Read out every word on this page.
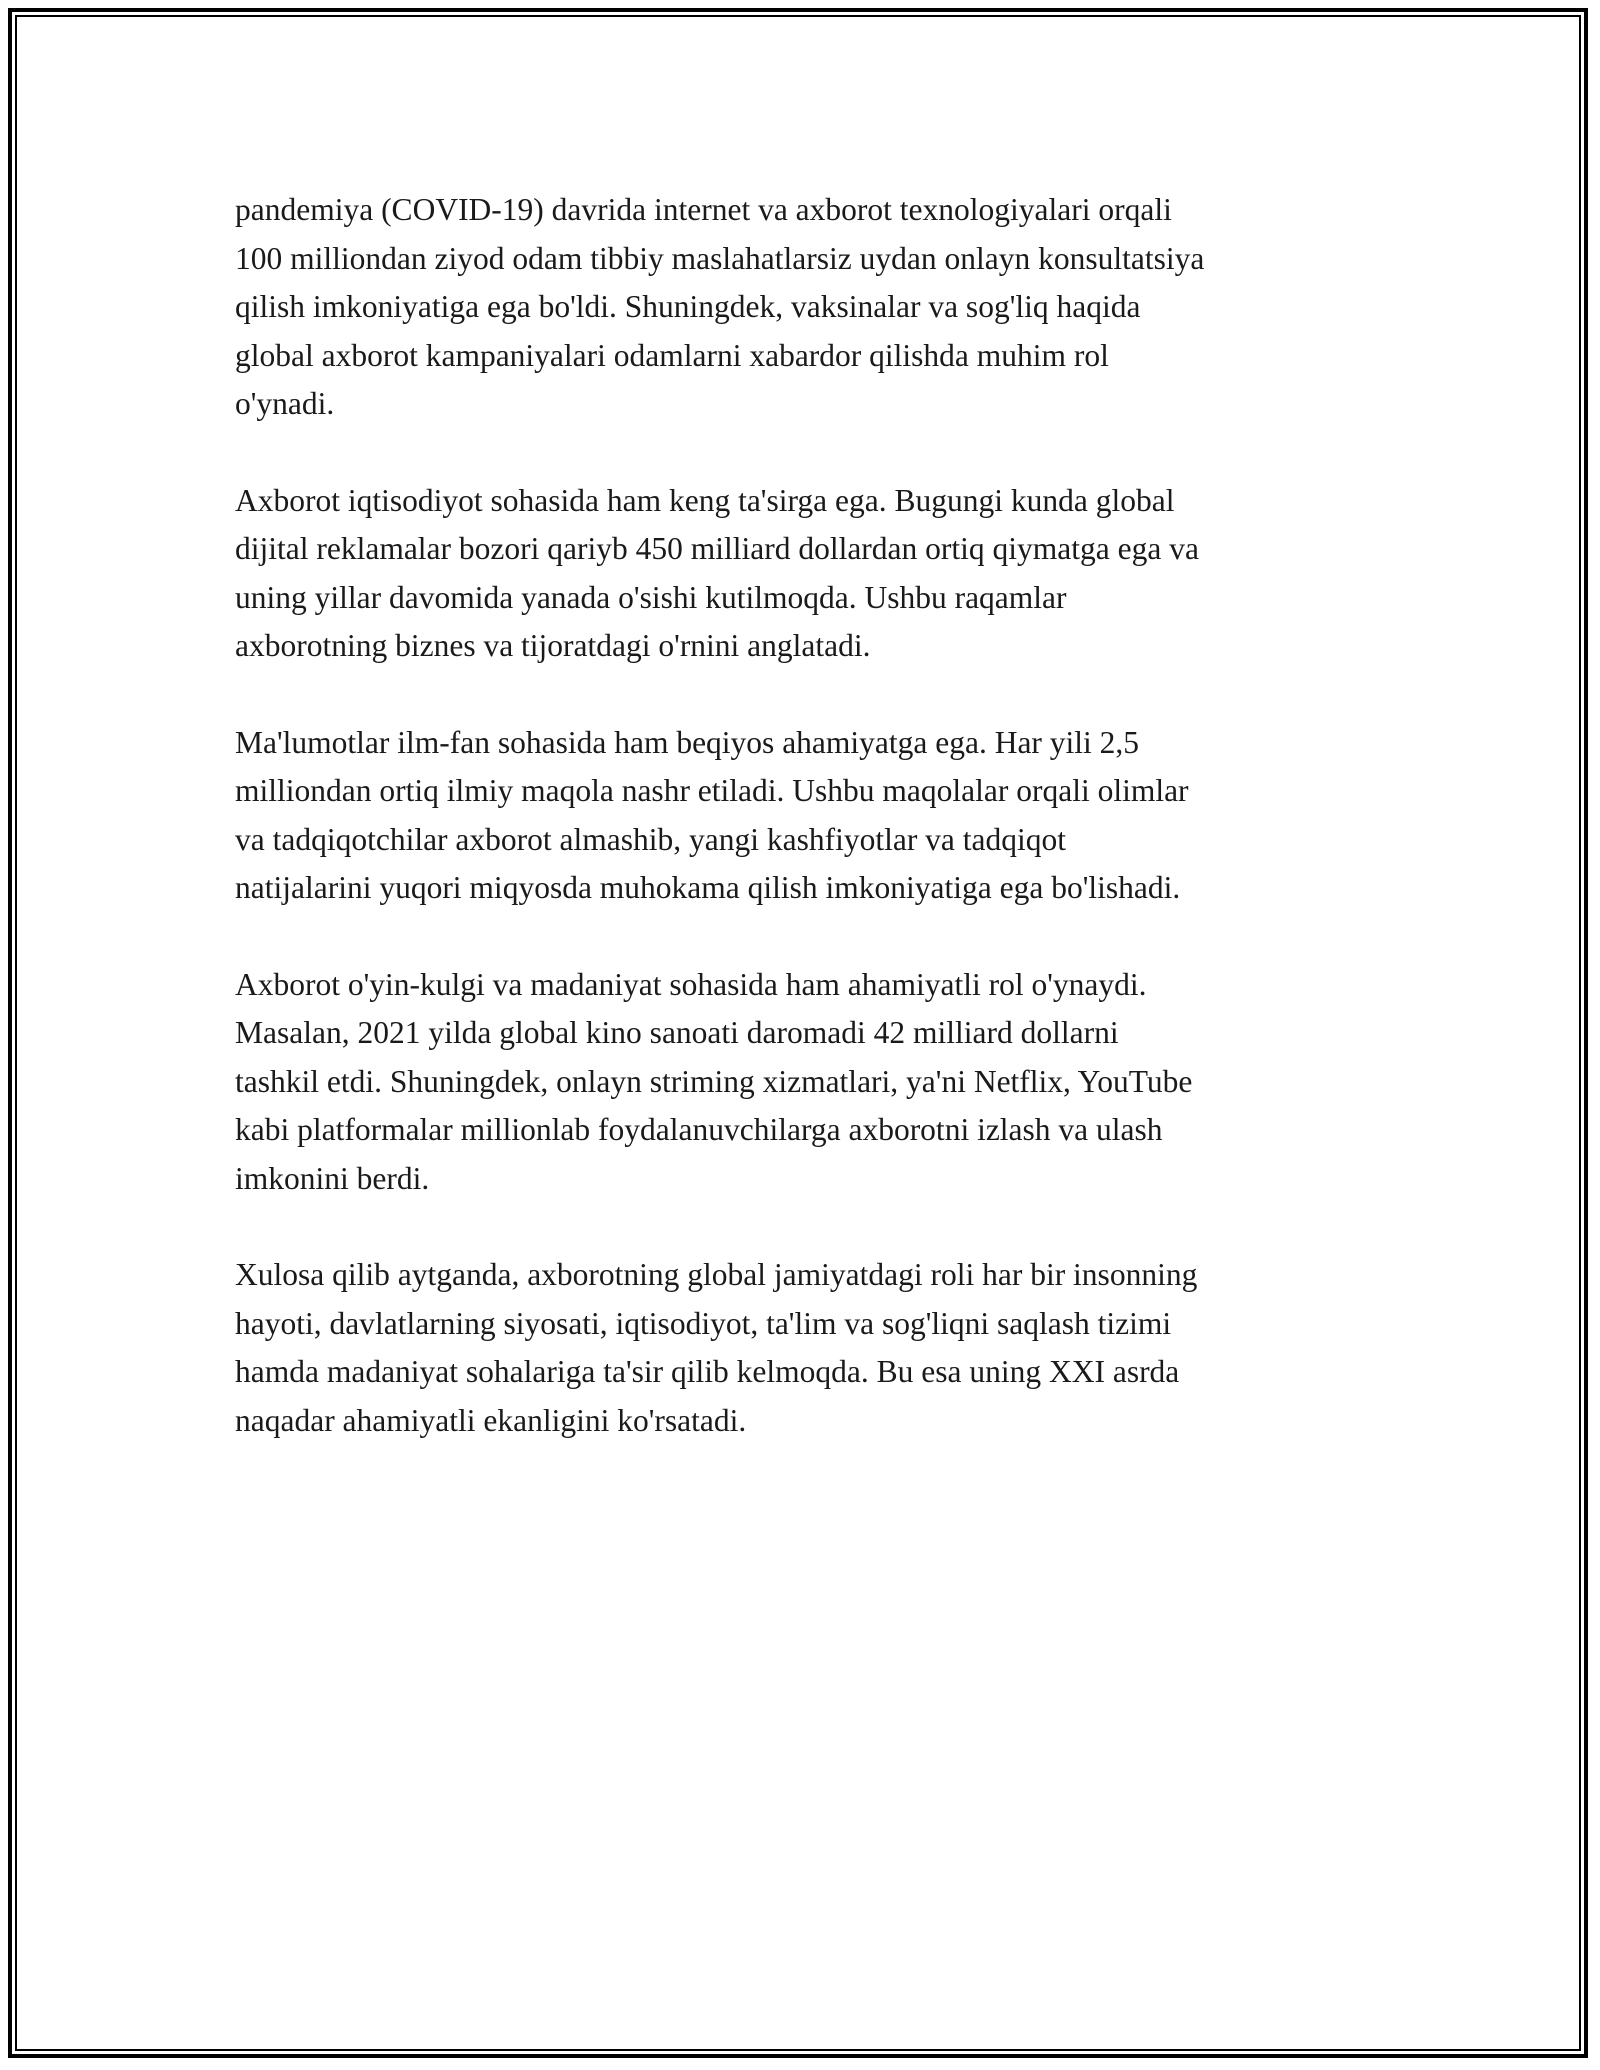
pandemiya (COVID-19) davrida internet va axborot texnologiyalari orqali
100 milliondan ziyod odam tibbiy maslahatlarsiz uydan onlayn konsultatsiya
qilish imkoniyatiga ega bo'ldi. Shuningdek, vaksinalar va sog'liq haqida
global axborot kampaniyalari odamlarni xabardor qilishda muhim rol
o'ynadi.

Axborot iqtisodiyot sohasida ham keng ta'sirga ega. Bugungi kunda global
dijital reklamalar bozori qariyb 450 milliard dollardan ortiq qiymatga ega va
uning yillar davomida yanada o'sishi kutilmoqda. Ushbu raqamlar
axborotning biznes va tijoratdagi o'rnini anglatadi.

Ma'lumotlar ilm-fan sohasida ham beqiyos ahamiyatga ega. Har yili 2,5
milliondan ortiq ilmiy maqola nashr etiladi. Ushbu maqolalar orqali olimlar
va tadqiqotchilar axborot almashib, yangi kashfiyotlar va tadqiqot
natijalarini yuqori miqyosda muhokama qilish imkoniyatiga ega bo'lishadi.

Axborot o'yin-kulgi va madaniyat sohasida ham ahamiyatli rol o'ynaydi.
Masalan, 2021 yilda global kino sanoati daromadi 42 milliard dollarni
tashkil etdi. Shuningdek, onlayn striming xizmatlari, ya'ni Netflix, YouTube
kabi platformalar millionlab foydalanuvchilarga axborotni izlash va ulash
imkonini berdi.

Xulosa qilib aytganda, axborotning global jamiyatdagi roli har bir insonning
hayoti, davlatlarning siyosati, iqtisodiyot, ta'lim va sog'liqni saqlash tizimi
hamda madaniyat sohalariga ta'sir qilib kelmoqda. Bu esa uning XXI asrda
naqadar ahamiyatli ekanligini ko'rsatadi.
